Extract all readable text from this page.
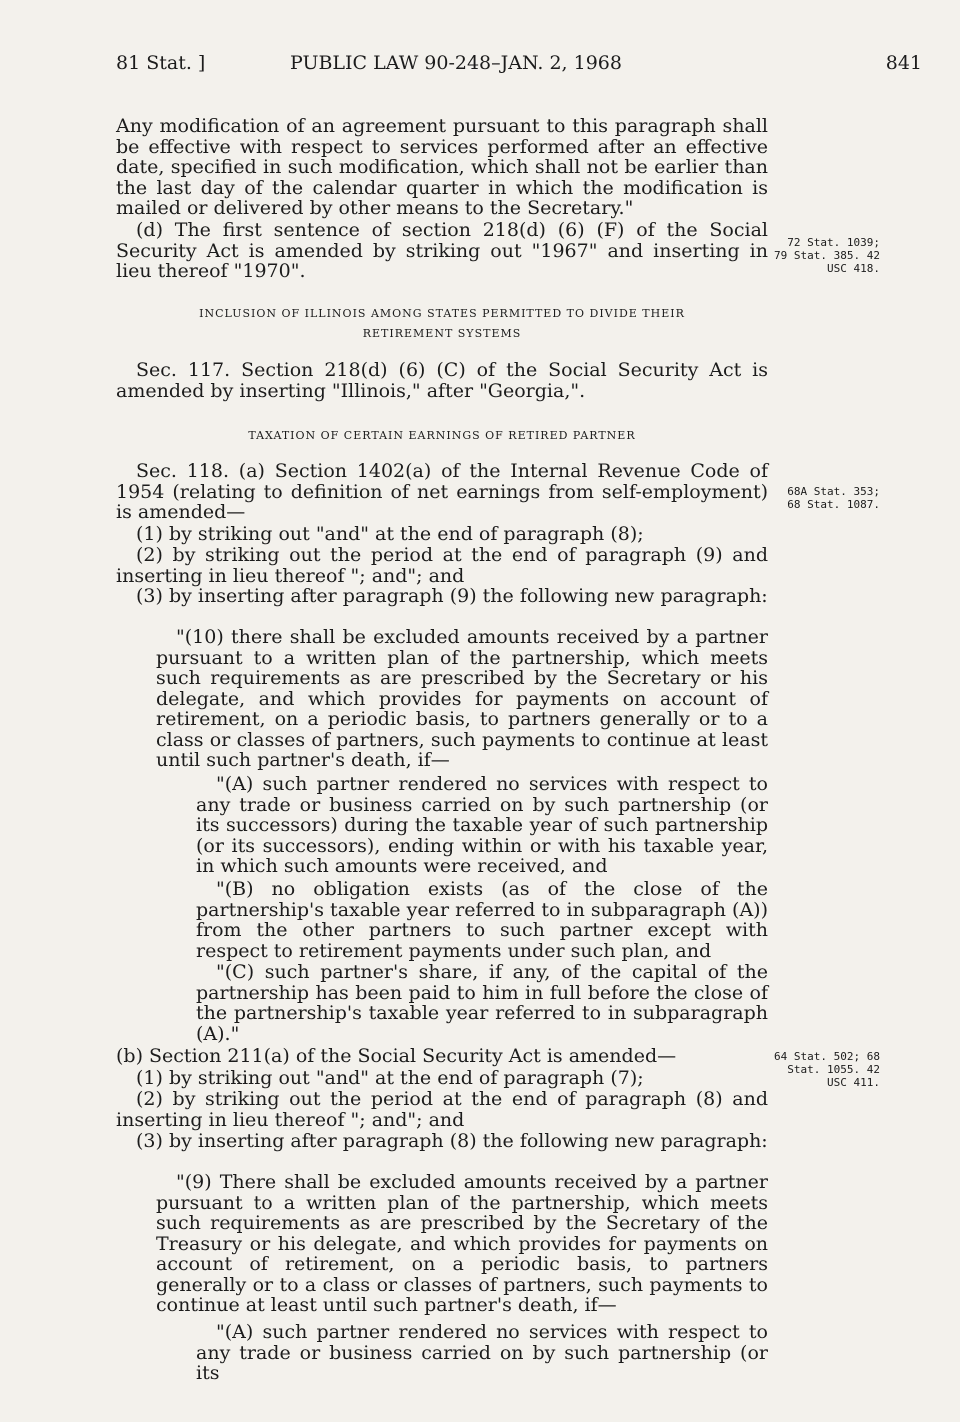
81 Stat. ]	PUBLIC LAW 90-248–JAN. 2, 1968	841

Any modification of an agreement pursuant to this paragraph shall be effective with respect to services performed after an effective date, specified in such modification, which shall not be earlier than the last day of the calendar quarter in which the modification is mailed or delivered by other means to the Secretary."

(d) The first sentence of section 218(d) (6) (F) of the Social Security Act is amended by striking out "1967" and inserting in lieu thereof "1970".

72 Stat. 1039; 79 Stat. 385. 42 USC 418.

INCLUSION OF ILLINOIS AMONG STATES PERMITTED TO DIVIDE THEIR RETIREMENT SYSTEMS

Sec. 117. Section 218(d) (6) (C) of the Social Security Act is amended by inserting "Illinois," after "Georgia,".

TAXATION OF CERTAIN EARNINGS OF RETIRED PARTNER

Sec. 118. (a) Section 1402(a) of the Internal Revenue Code of 1954 (relating to definition of net earnings from self-employment) is amended—

68A Stat. 353; 68 Stat. 1087.

(1) by striking out "and" at the end of paragraph (8);

(2) by striking out the period at the end of paragraph (9) and inserting in lieu thereof "; and"; and

(3) by inserting after paragraph (9) the following new paragraph:

"(10) there shall be excluded amounts received by a partner pursuant to a written plan of the partnership, which meets such requirements as are prescribed by the Secretary or his delegate, and which provides for payments on account of retirement, on a periodic basis, to partners generally or to a class or classes of partners, such payments to continue at least until such partner's death, if—

"(A) such partner rendered no services with respect to any trade or business carried on by such partnership (or its successors) during the taxable year of such partnership (or its successors), ending within or with his taxable year, in which such amounts were received, and

"(B) no obligation exists (as of the close of the partnership's taxable year referred to in subparagraph (A)) from the other partners to such partner except with respect to retirement payments under such plan, and

"(C) such partner's share, if any, of the capital of the partnership has been paid to him in full before the close of the partnership's taxable year referred to in subparagraph (A)."

(b) Section 211(a) of the Social Security Act is amended—	64 Stat. 502; 68 Stat. 1055. 42 USC 411.

(1) by striking out "and" at the end of paragraph (7);

(2) by striking out the period at the end of paragraph (8) and inserting in lieu thereof "; and"; and

(3) by inserting after paragraph (8) the following new paragraph:

"(9) There shall be excluded amounts received by a partner pursuant to a written plan of the partnership, which meets such requirements as are prescribed by the Secretary of the Treasury or his delegate, and which provides for payments on account of retirement, on a periodic basis, to partners generally or to a class or classes of partners, such payments to continue at least until such partner's death, if—

"(A) such partner rendered no services with respect to any trade or business carried on by such partnership (or its
